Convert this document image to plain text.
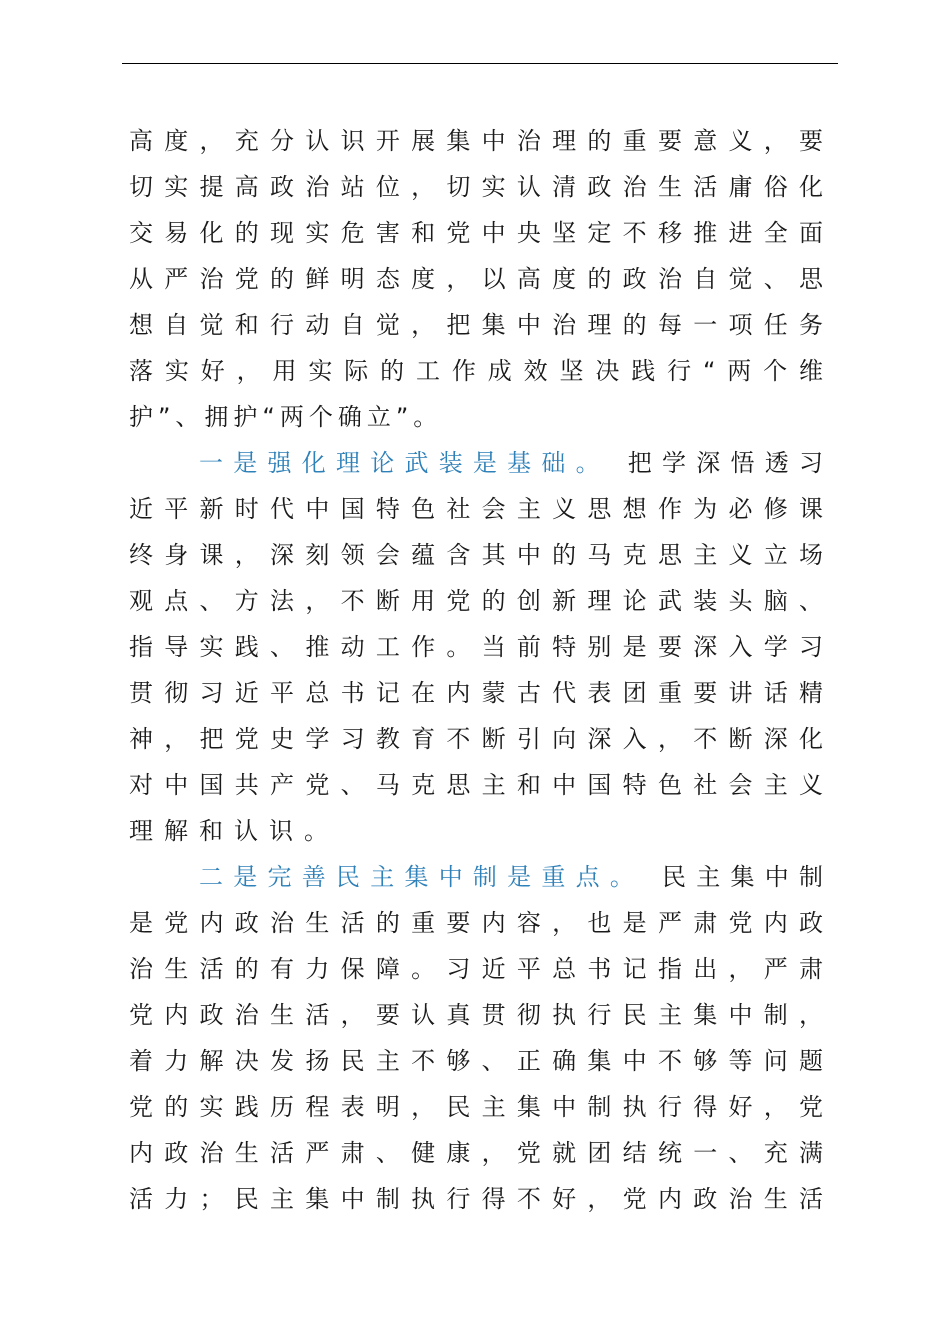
高度，充分认识开展集中治理的重要意义，要
切实提高政治站位，切实认清政治生活庸俗化
交易化的现实危害和党中央坚定不移推进全面
从严治党的鲜明态度，以高度的政治自觉、思
想自觉和行动自觉，把集中治理的每一项任务
落实好，用实际的工作成效坚决践行“两个维
护”、拥护“两个确立”。
一是强化理论武装是基础。 把学深悟透习
近平新时代中国特色社会主义思想作为必修课
终身课，深刻领会蕴含其中的马克思主义立场
观点、方法，不断用党的创新理论武装头脑、
指导实践、推动工作。当前特别是要深入学习
贯彻习近平总书记在内蒙古代表团重要讲话精
神，把党史学习教育不断引向深入，不断深化
对中国共产党、马克思主和中国特色社会主义
理解和认识。
二是完善民主集中制是重点。 民主集中制
是党内政治生活的重要内容，也是严肃党内政
治生活的有力保障。习近平总书记指出，严肃
党内政治生活，要认真贯彻执行民主集中制，
着力解决发扬民主不够、正确集中不够等问题
党的实践历程表明，民主集中制执行得好，党
内政治生活严肃、健康，党就团结统一、充满
活力；民主集中制执行得不好，党内政治生活
